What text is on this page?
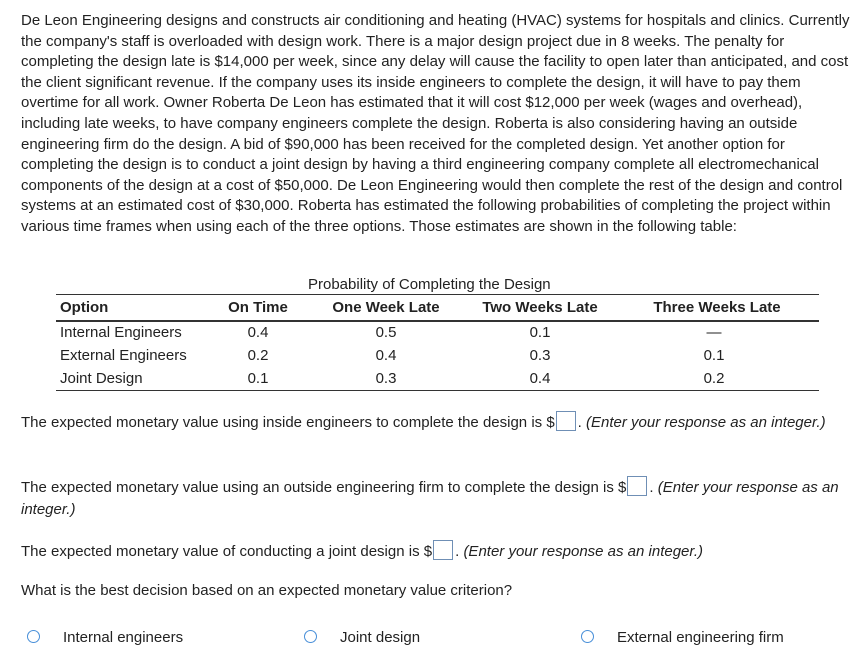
De Leon Engineering designs and constructs air conditioning and heating (HVAC) systems for hospitals and clinics. Currently the company's staff is overloaded with design work. There is a major design project due in 8 weeks. The penalty for completing the design late is $14,000 per week, since any delay will cause the facility to open later than anticipated, and cost the client significant revenue. If the company uses its inside engineers to complete the design, it will have to pay them overtime for all work. Owner Roberta De Leon has estimated that it will cost $12,000 per week (wages and overhead), including late weeks, to have company engineers complete the design. Roberta is also considering having an outside engineering firm do the design. A bid of $90,000 has been received for the completed design. Yet another option for completing the design is to conduct a joint design by having a third engineering company complete all electromechanical components of the design at a cost of $50,000. De Leon Engineering would then complete the rest of the design and control systems at an estimated cost of $30,000. Roberta has estimated the following probabilities of completing the project within various time frames when using each of the three options. Those estimates are shown in the following table:

Probability of Completing the Design
Option	On Time	One Week Late	Two Weeks Late	Three Weeks Late
Internal Engineers	0.4	0.5	0.1	—
External Engineers	0.2	0.4	0.3	0.1
Joint Design	0.1	0.3	0.4	0.2
The expected monetary value using inside engineers to complete the design is $ . (Enter your response as an integer.)
The expected monetary value using an outside engineering firm to complete the design is $ . (Enter your response as an integer.)
The expected monetary value of conducting a joint design is $ . (Enter your response as an integer.)
What is the best decision based on an expected monetary value criterion?
Internal engineers	Joint design	External engineering firm
